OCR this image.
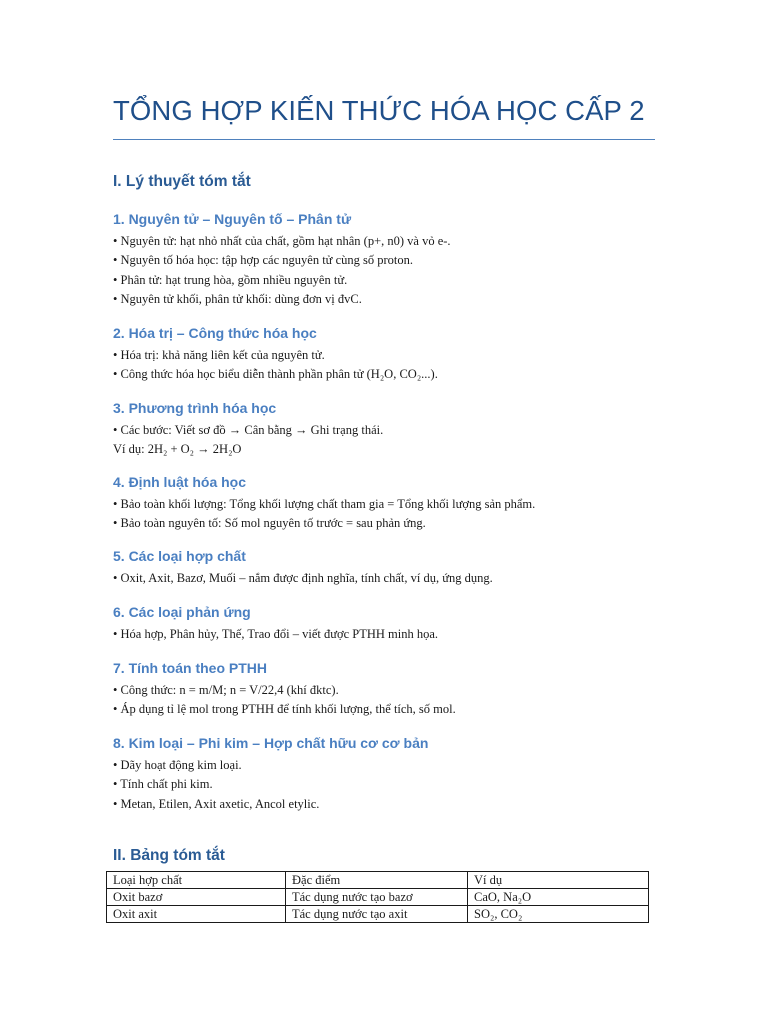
TỔNG HỢP KIẾN THỨC HÓA HỌC CẤP 2
I. Lý thuyết tóm tắt
1. Nguyên tử – Nguyên tố – Phân tử
• Nguyên tử: hạt nhỏ nhất của chất, gồm hạt nhân (p+, n0) và vỏ e-.
• Nguyên tố hóa học: tập hợp các nguyên tử cùng số proton.
• Phân tử: hạt trung hòa, gồm nhiều nguyên tử.
• Nguyên tử khối, phân tử khối: dùng đơn vị đvC.
2. Hóa trị – Công thức hóa học
• Hóa trị: khả năng liên kết của nguyên tử.
• Công thức hóa học biểu diễn thành phần phân tử (H₂O, CO₂...).
3. Phương trình hóa học
• Các bước: Viết sơ đồ → Cân bằng → Ghi trạng thái.
Ví dụ: 2H₂ + O₂ → 2H₂O
4. Định luật hóa học
• Bảo toàn khối lượng: Tổng khối lượng chất tham gia = Tổng khối lượng sản phẩm.
• Bảo toàn nguyên tố: Số mol nguyên tố trước = sau phản ứng.
5. Các loại hợp chất
• Oxit, Axit, Bazơ, Muối – nắm được định nghĩa, tính chất, ví dụ, ứng dụng.
6. Các loại phản ứng
• Hóa hợp, Phân hủy, Thế, Trao đổi – viết được PTHH minh họa.
7. Tính toán theo PTHH
• Công thức: n = m/M; n = V/22,4 (khí đktc).
• Áp dụng tỉ lệ mol trong PTHH để tính khối lượng, thể tích, số mol.
8. Kim loại – Phi kim – Hợp chất hữu cơ cơ bản
• Dãy hoạt động kim loại.
• Tính chất phi kim.
• Metan, Etilen, Axit axetic, Ancol etylic.
II. Bảng tóm tắt
Loại hợp chất	Đặc điểm	Ví dụ
Oxit bazơ	Tác dụng nước tạo bazơ	CaO, Na₂O
Oxit axit	Tác dụng nước tạo axit	SO₂, CO₂
